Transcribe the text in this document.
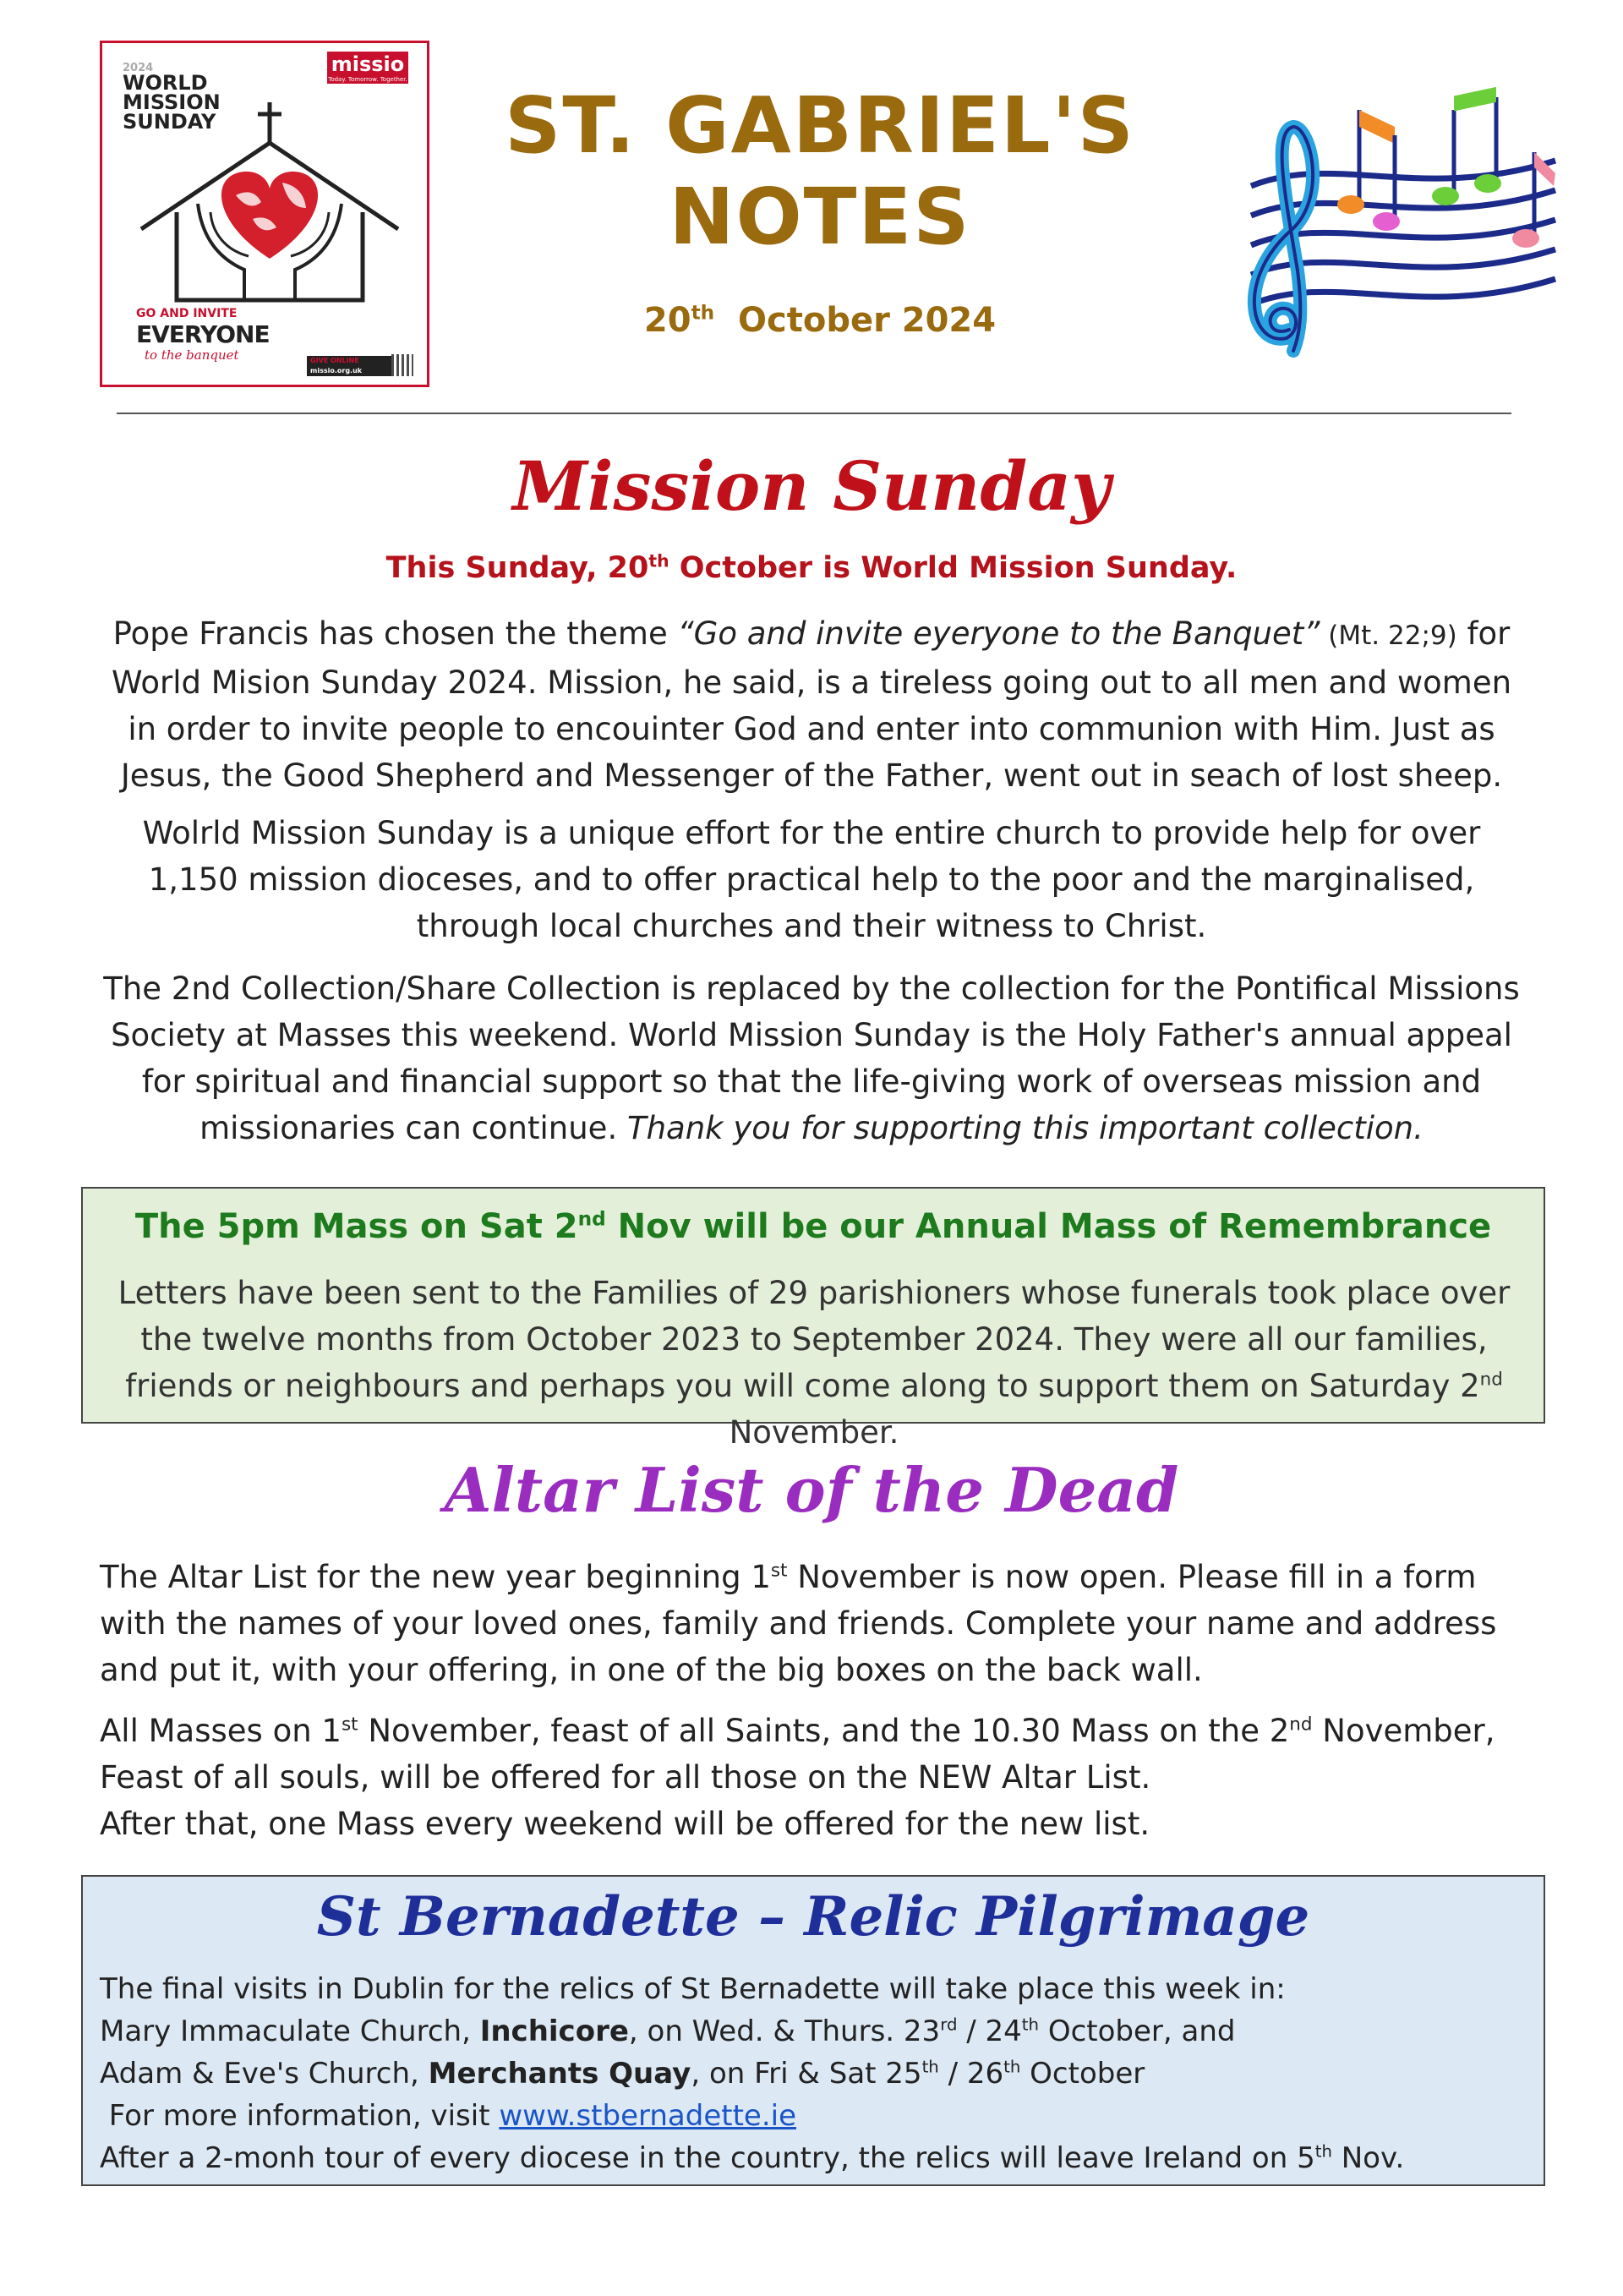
2024
WORLD
MISSION
SUNDAY
missio
Today. Tomorrow. Together.
GO AND INVITE
EVERYONE
to the banquet	GIVE ONLINE
missio.org.uk
ST. GABRIEL'S
NOTES
20th October 2024
Mission Sunday
This Sunday, 20th October is World Mission Sunday.
Pope Francis has chosen the theme “Go and invite eyeryone to the Banquet” (Mt. 22;9) for World Mision Sunday 2024. Mission, he said, is a tireless going out to all men and women in order to invite people to encouinter God and enter into communion with Him. Just as Jesus, the Good Shepherd and Messenger of the Father, went out in seach of lost sheep.
Wolrld Mission Sunday is a unique effort for the entire church to provide help for over 1,150 mission dioceses, and to offer practical help to the poor and the marginalised, through local churches and their witness to Christ.
The 2nd Collection/Share Collection is replaced by the collection for the Pontifical Missions Society at Masses this weekend. World Mission Sunday is the Holy Father's annual appeal for spiritual and financial support so that the life-giving work of overseas mission and missionaries can continue. Thank you for supporting this important collection.
The 5pm Mass on Sat 2nd Nov will be our Annual Mass of Remembrance
Letters have been sent to the Families of 29 parishioners whose funerals took place over the twelve months from October 2023 to September 2024. They were all our families, friends or neighbours and perhaps you will come along to support them on Saturday 2nd November.
Altar List of the Dead
The Altar List for the new year beginning 1st November is now open. Please fill in a form with the names of your loved ones, family and friends. Complete your name and address and put it, with your offering, in one of the big boxes on the back wall.
All Masses on 1st November, feast of all Saints, and the 10.30 Mass on the 2nd November,
Feast of all souls, will be offered for all those on the NEW Altar List.
After that, one Mass every weekend will be offered for the new list.
St Bernadette – Relic Pilgrimage
The final visits in Dublin for the relics of St Bernadette will take place this week in:
Mary Immaculate Church, Inchicore, on Wed. & Thurs. 23rd / 24th October, and
Adam & Eve's Church, Merchants Quay, on Fri & Sat 25th / 26th October
For more information, visit www.stbernadette.ie
After a 2-monh tour of every diocese in the country, the relics will leave Ireland on 5th Nov.
